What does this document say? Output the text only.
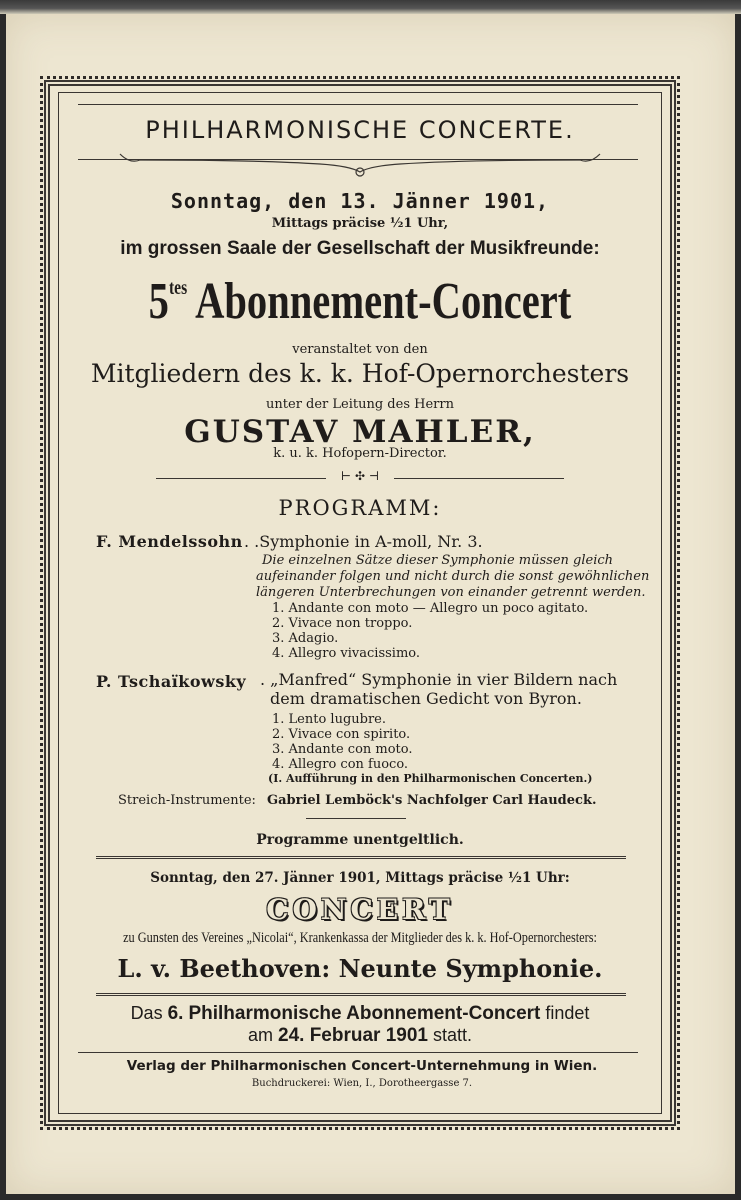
PHILHARMONISCHE CONCERTE.
Sonntag, den 13. Jänner 1901,
Mittags präcise ½1 Uhr,
im grossen Saale der Gesellschaft der Musikfreunde:
$5^{tes}$ Abonnement-Concert
veranstaltet von den
Mitgliedern des k. k. Hof-Opernorchesters
unter der Leitung des Herrn
GUSTAV MAHLER,
k. u. k. Hofopern-Director.
⊢ ✣ ⊣
PROGRAMM:
F. Mendelssohn . .Symphonie in A-moll, Nr. 3.
Die einzelnen Sätze dieser Symphonie müssen gleich
aufeinander folgen und nicht durch die sonst gewöhnlichen
längeren Unterbrechungen von einander getrennt werden.
1. Andante con moto — Allegro un poco agitato.
2. Vivace non troppo.
3. Adagio.
4. Allegro vivacissimo.
P. Tschaïkowsky . „Manfred“ Symphonie in vier Bildern nach
dem dramatischen Gedicht von Byron.
1. Lento lugubre.
2. Vivace con spirito.
3. Andante con moto.
4. Allegro con fuoco.
(I. Aufführung in den Philharmonischen Concerten.)
Streich-Instrumente: Gabriel Lemböck's Nachfolger Carl Haudeck.
Programme unentgeltlich.
Sonntag, den 27. Jänner 1901, Mittags präcise ½1 Uhr:
CONCERT
zu Gunsten des Vereines „Nicolai“, Krankenkassa der Mitglieder des k. k. Hof-Opernorchesters:
L. v. Beethoven: Neunte Symphonie.
Das 6. Philharmonische Abonnement-Concert findet
am 24. Februar 1901 statt.
Verlag der Philharmonischen Concert-Unternehmung in Wien.
Buchdruckerei: Wien, I., Dorotheergasse 7.
